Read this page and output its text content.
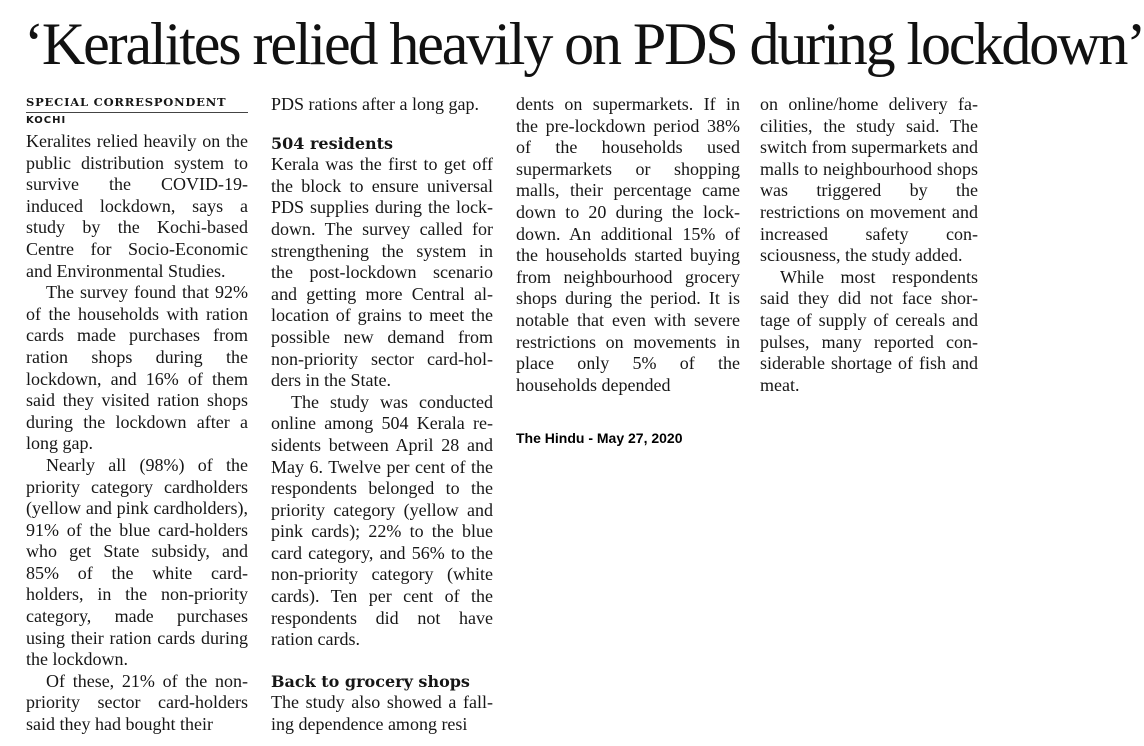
‘Keralites relied heavily on PDS during lockdown’
SPECIAL CORRESPONDENT
KOCHI

Keralites relied heavily on the public distribution system to survive the COVID-19-induced lockdown, says a study by the Kochi-based Centre for Socio-Economic and Environmental Studies.

The survey found that 92% of the households with ration cards made purchases from ration shops during the lockdown, and 16% of them said they visited ration shops during the lockdown after a long gap.

Nearly all (98%) of the priority category cardholders (yellow and pink cardholders), 91% of the blue card-holders who get State subsidy, and 85% of the white card-holders, in the non-priority category, made purchases using their ration cards during the lockdown.

Of these, 21% of the non-priority sector card-holders said they had bought their

PDS rations after a long gap.

504 residents

Kerala was the first to get off the block to ensure universal PDS supplies during the lockdown. The survey called for strengthening the system in the post-lockdown scenario and getting more Central allocation of grains to meet the possible new demand from non-priority sector card-holders in the State.

The study was conducted online among 504 Kerala residents between April 28 and May 6. Twelve per cent of the respondents belonged to the priority category (yellow and pink cards); 22% to the blue card category, and 56% to the non-priority category (white cards). Ten per cent of the respondents did not have ration cards.

Back to grocery shops

The study also showed a falling dependence among resi

dents on supermarkets. If in the pre-lockdown period 38% of the households used supermarkets or shopping malls, their percentage came down to 20 during the lockdown. An additional 15% of the households started buying from neighbourhood grocery shops during the period. It is notable that even with severe restrictions on movements in place only 5% of the households depended

on online/home delivery facilities, the study said. The switch from supermarkets and malls to neighbourhood shops was triggered by the restrictions on movement and increased safety consciousness, the study added.

While most respondents said they did not face shortage of supply of cereals and pulses, many reported considerable shortage of fish and meat.

The Hindu - May 27, 2020
